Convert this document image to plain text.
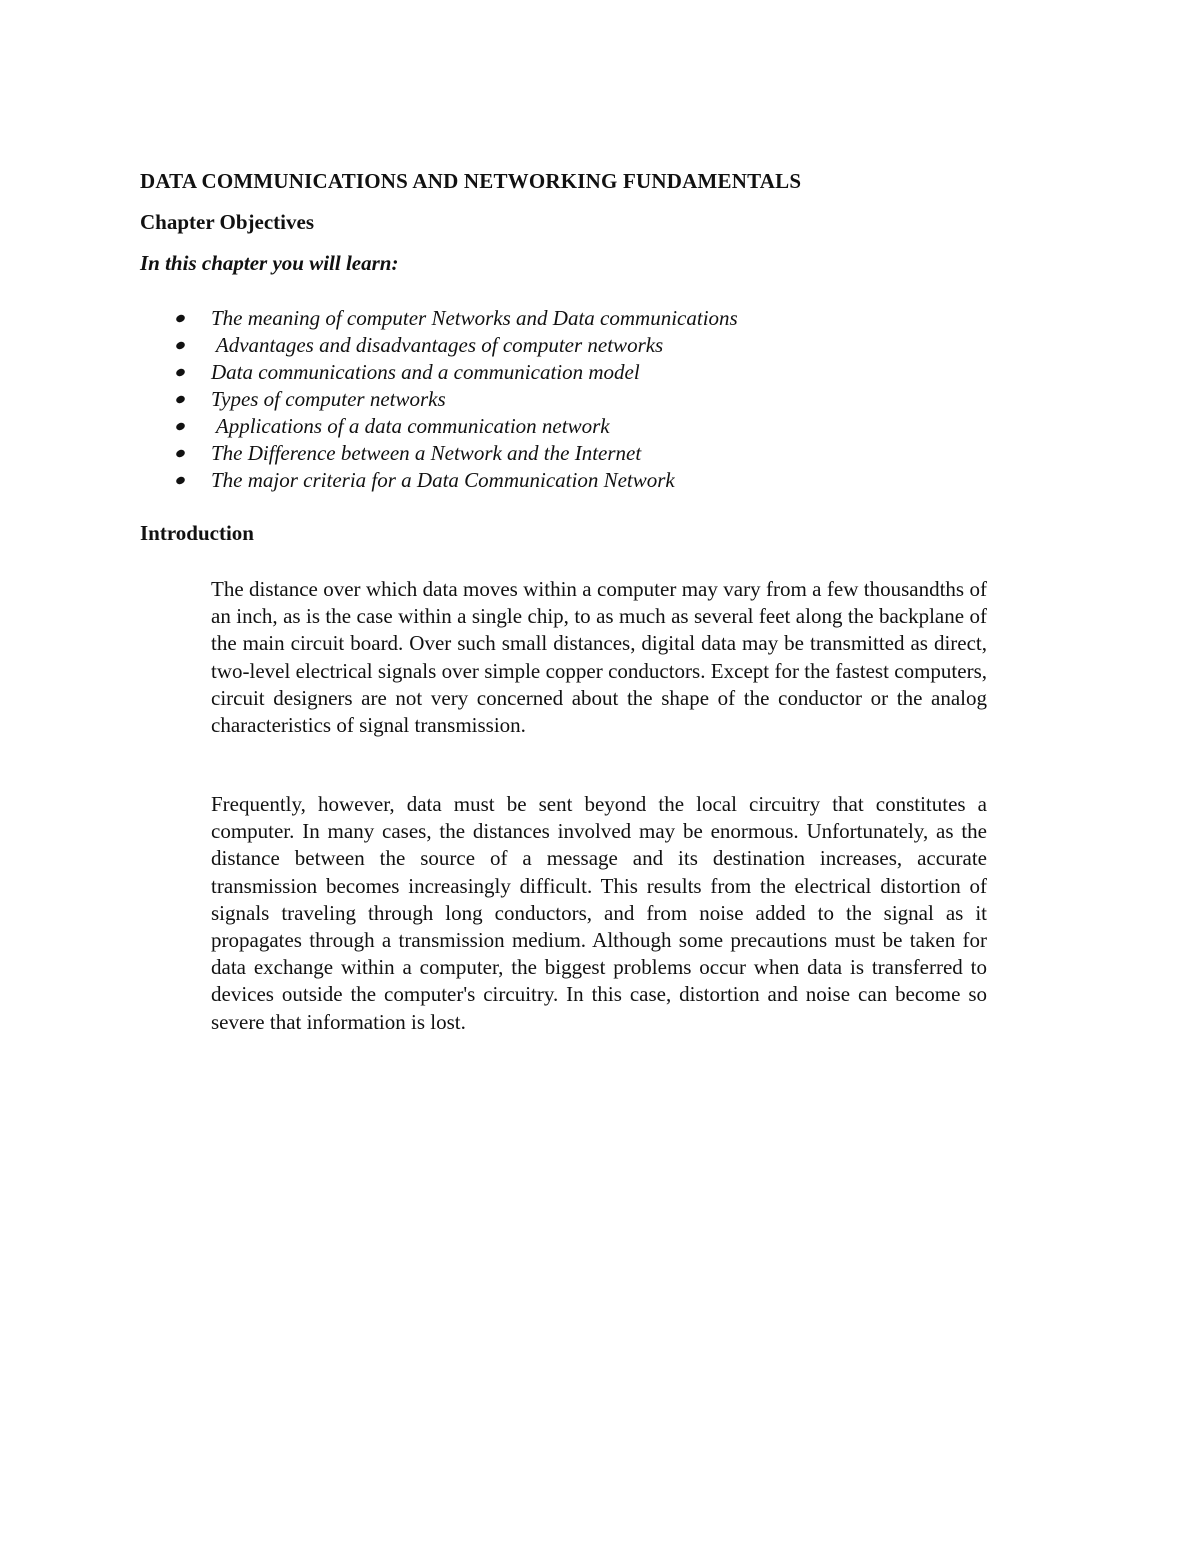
DATA COMMUNICATIONS AND NETWORKING FUNDAMENTALS
Chapter Objectives
In this chapter you will learn:
The meaning of computer Networks and Data communications
Advantages and disadvantages of computer networks
Data communications and a communication model
Types of computer networks
Applications of a data communication network
The Difference between a Network and the Internet
The major criteria for a Data Communication Network
Introduction

The distance over which data moves within a computer may vary from a few thousandths of an inch, as is the case within a single chip, to as much as several feet along the backplane of the main circuit board. Over such small distances, digital data may be transmitted as direct, two-level electrical signals over simple copper conductors. Except for the fastest computers, circuit designers are not very concerned about the shape of the conductor or the analog characteristics of signal transmission.

Frequently, however, data must be sent beyond the local circuitry that constitutes a computer. In many cases, the distances involved may be enormous. Unfortunately, as the distance between the source of a message and its destination increases, accurate transmission becomes increasingly difficult. This results from the electrical distortion of signals traveling through long conductors, and from noise added to the signal as it propagates through a transmission medium. Although some precautions must be taken for data exchange within a computer, the biggest problems occur when data is transferred to devices outside the computer's circuitry. In this case, distortion and noise can become so severe that information is lost.
